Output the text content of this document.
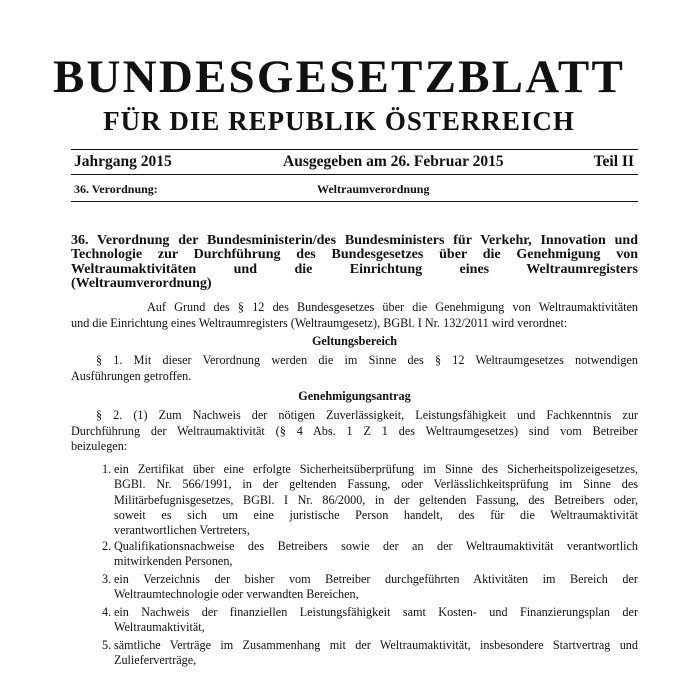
BUNDESGESETZBLATT
FÜR DIE REPUBLIK ÖSTERREICH
Jahrgang 2015	Ausgegeben am 26. Februar 2015	Teil II
36. Verordnung:	Weltraumverordnung
36. Verordnung der Bundesministerin/des Bundesministers für Verkehr, Innovation und
Technologie zur Durchführung des Bundesgesetzes über die Genehmigung von
Weltraumaktivitäten und die Einrichtung eines Weltraumregisters
(Weltraumverordnung)
Auf Grund des § 12 des Bundesgesetzes über die Genehmigung von Weltraumaktivitäten
und die Einrichtung eines Weltraumregisters (Weltraumgesetz), BGBl. I Nr. 132/2011 wird verordnet:
Geltungsbereich
§ 1. Mit dieser Verordnung werden die im Sinne des § 12 Weltraumgesetzes notwendigen
Ausführungen getroffen.
Genehmigungsantrag
§ 2. (1) Zum Nachweis der nötigen Zuverlässigkeit, Leistungsfähigkeit und Fachkenntnis zur
Durchführung der Weltraumaktivität (§ 4 Abs. 1 Z 1 des Weltraumgesetzes) sind vom Betreiber
beizulegen:
1. ein Zertifikat über eine erfolgte Sicherheitsüberprüfung im Sinne des Sicherheitspolizeigesetzes,
BGBl. Nr. 566/1991, in der geltenden Fassung, oder Verlässlichkeitsprüfung im Sinne des
Militärbefugnisgesetzes, BGBl. I Nr. 86/2000, in der geltenden Fassung, des Betreibers oder,
soweit es sich um eine juristische Person handelt, des für die Weltraumaktivität
verantwortlichen Vertreters,
2. Qualifikationsnachweise des Betreibers sowie der an der Weltraumaktivität verantwortlich
mitwirkenden Personen,
3. ein Verzeichnis der bisher vom Betreiber durchgeführten Aktivitäten im Bereich der
Weltraumtechnologie oder verwandten Bereichen,
4. ein Nachweis der finanziellen Leistungsfähigkeit samt Kosten- und Finanzierungsplan der
Weltraumaktivität,
5. sämtliche Verträge im Zusammenhang mit der Weltraumaktivität, insbesondere Startvertrag und
Zulieferverträge,
